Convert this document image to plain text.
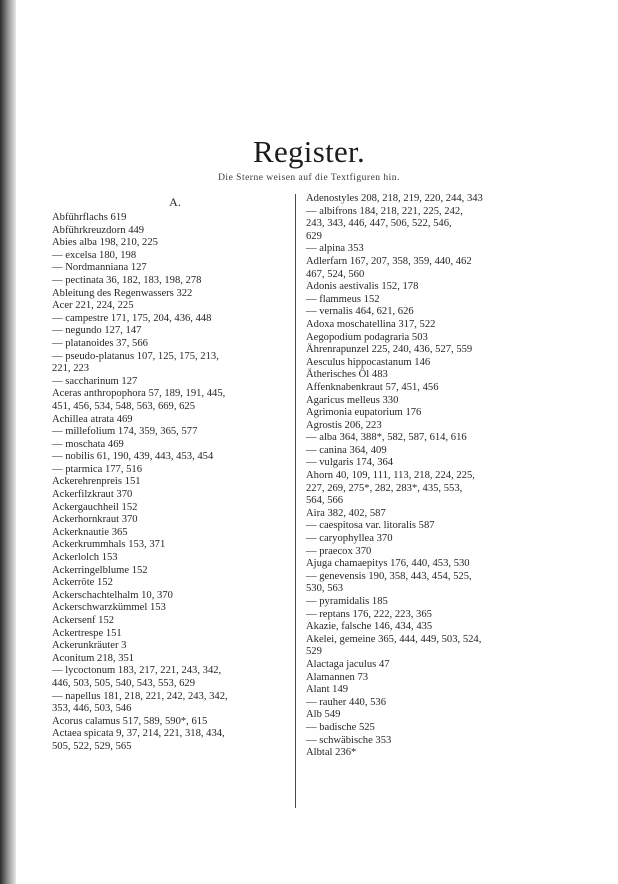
Register.
Die Sterne weisen auf die Textfiguren hin.
A.
Abführflachs 619
Abführkreuzdorn 449
Abies alba 198, 210, 225
— excelsa 180, 198
— Nordmanniana 127
— pectinata 36, 182, 183, 198, 278
Ableitung des Regenwassers 322
Acer 221, 224, 225
— campestre 171, 175, 204, 436, 448
— negundo 127, 147
— platanoides 37, 566
— pseudo-platanus 107, 125, 175, 213,
221, 223
— saccharinum 127
Aceras anthropophora 57, 189, 191, 445,
451, 456, 534, 548, 563, 669, 625
Achillea atrata 469
— millefolium 174, 359, 365, 577
— moschata 469
— nobilis 61, 190, 439, 443, 453, 454
— ptarmica 177, 516
Ackerehrenpreis 151
Ackerfilzkraut 370
Ackergauchheil 152
Ackerhornkraut 370
Ackerknautie 365
Ackerkrummhals 153, 371
Ackerlolch 153
Ackerringelblume 152
Ackerröte 152
Ackerschachtelhalm 10, 370
Ackerschwarzkümmel 153
Ackersenf 152
Ackertrespe 151
Ackerunkräuter 3
Aconitum 218, 351
— lycoctonum 183, 217, 221, 243, 342,
446, 503, 505, 540, 543, 553, 629
— napellus 181, 218, 221, 242, 243, 342,
353, 446, 503, 546
Acorus calamus 517, 589, 590*, 615
Actaea spicata 9, 37, 214, 221, 318, 434,
505, 522, 529, 565
Adenostyles 208, 218, 219, 220, 244, 343
— albifrons 184, 218, 221, 225, 242,
243, 343, 446, 447, 506, 522, 546,
629
— alpina 353
Adlerfarn 167, 207, 358, 359, 440, 462
467, 524, 560
Adonis aestivalis 152, 178
— flammeus 152
— vernalis 464, 621, 626
Adoxa moschatellina 317, 522
Aegopodium podagraria 503
Ährenrapunzel 225, 240, 436, 527, 559
Aesculus hippocastanum 146
Ätherisches Öl 483
Affenknabenkraut 57, 451, 456
Agaricus melleus 330
Agrimonia eupatorium 176
Agrostis 206, 223
— alba 364, 388*, 582, 587, 614, 616
— canina 364, 409
— vulgaris 174, 364
Ahorn 40, 109, 111, 113, 218, 224, 225,
227, 269, 275*, 282, 283*, 435, 553,
564, 566
Aira 382, 402, 587
— caespitosa var. litoralis 587
— caryophyllea 370
— praecox 370
Ajuga chamaepitys 176, 440, 453, 530
— genevensis 190, 358, 443, 454, 525,
530, 563
— pyramidalis 185
— reptans 176, 222, 223, 365
Akazie, falsche 146, 434, 435
Akelei, gemeine 365, 444, 449, 503, 524,
529
Alactaga jaculus 47
Alamannen 73
Alant 149
— rauher 440, 536
Alb 549
— badische 525
— schwäbische 353
Albtal 236*
